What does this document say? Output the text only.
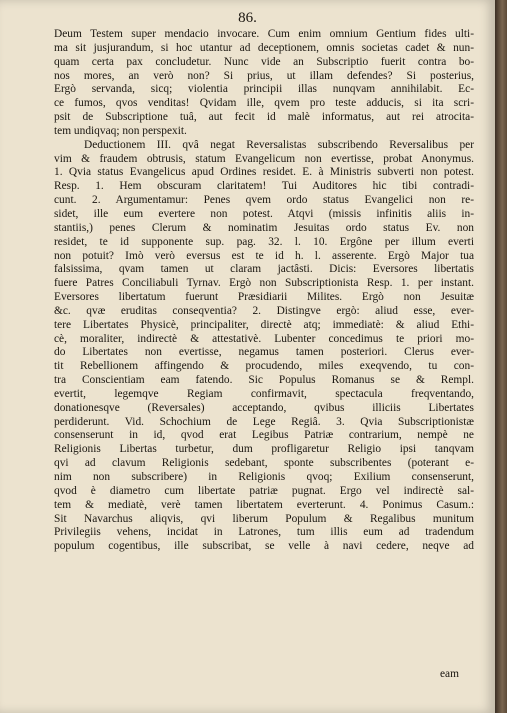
86.
Deum Testem super mendacio invocare. Cum enim omnium Gentium fides ulti-
ma sit jusjurandum, si hoc utantur ad deceptionem, omnis societas cadet & nun-
quam certa pax concludetur. Nunc vide an Subscriptio fuerit contra bo-
nos mores, an verò non? Si prius, ut illam defendes? Si posterius,
Ergò servanda, sicq; violentia principii illas nunqvam annihilabit. Ec-
ce fumos, qvos venditas! Qvidam ille, qvem pro teste adducis, si ita scri-
psit de Subscriptione tuâ, aut fecit id malè informatus, aut rei atrocita-
tem undiqvaq; non perspexit.
Deductionem III. qvâ negat Reversalistas subscribendo Reversalibus per
vim & fraudem obtrusis, statum Evangelicum non evertisse, probat Anonymus.
1. Qvia status Evangelicus apud Ordines residet. E. à Ministris subverti non potest.
Resp. 1. Hem obscuram claritatem! Tui Auditores hic tibi contradi-
cunt. 2. Argumentamur: Penes qvem ordo status Evangelici non re-
sidet, ille eum everterе non potest. Atqvi (missis infinitis aliis in-
stantiis,) penes Clerum & nominatim Jesuitas ordo status Ev. non
residet, te id supponente sup. pag. 32. l. 10. Ergône per illum everti
non potuit? Imò verò eversus est te id h. l. asserente. Ergò Major tua
falsissima, qvam tamen ut claram jactâsti. Dicis: Eversores libertatis
fuere Patres Conciliabuli Tyrnav. Ergò non Subscriptionista Resp. 1. per instant.
Eversores libertatum fuerunt Præsidiarii Milites. Ergò non Jesuitæ
&c. qvæ eruditas conseqventia? 2. Distingve ergò: aliud esse, ever-
tere Libertates Physicè, principaliter, directè atq; immediatè: & aliud Ethi-
cè, moraliter, indirectè & attestativè. Lubenter concedimus te priori mo-
do Libertates non evertisse, negamus tamen posteriori. Clerus ever-
tit Rebellionem affingendo & procudendo, miles exeqvendo, tu con-
tra Conscientiam eam fatendo. Sic Populus Romanus se & Rempl.
evertit, legemqve Regiam confirmavit, spectacula freqventando,
donationesqve (Reversales) acceptando, qvibus illiciis Libertates
perdiderunt. Vid. Schochium de Lege Regiâ. 3. Qvia Subscriptionistæ
consenserunt in id, qvod erat Legibus Patriæ contrarium, nempè ne
Religionis Libertas turbetur, dum profligaretur Religio ipsi tanqvam
qvi ad clavum Religionis sedebant, sponte subscribentes (poterant e-
nim non subscribere) in Religionis qvoq; Exilium consenserunt,
qvod è diametro cum libertate patriæ pugnat. Ergo vel indirectè sal-
tem & mediatè, verè tamen libertatem everterunt. 4. Ponimus Casum.:
Sit Navarchus aliqvis, qvi liberum Populum & Regalibus munitum
Privilegiis vehens, incidat in Latrones, tum illis eum ad tradendum
populum cogentibus, ille subscribat, se velle à navi cedere, neqve ad
eam
